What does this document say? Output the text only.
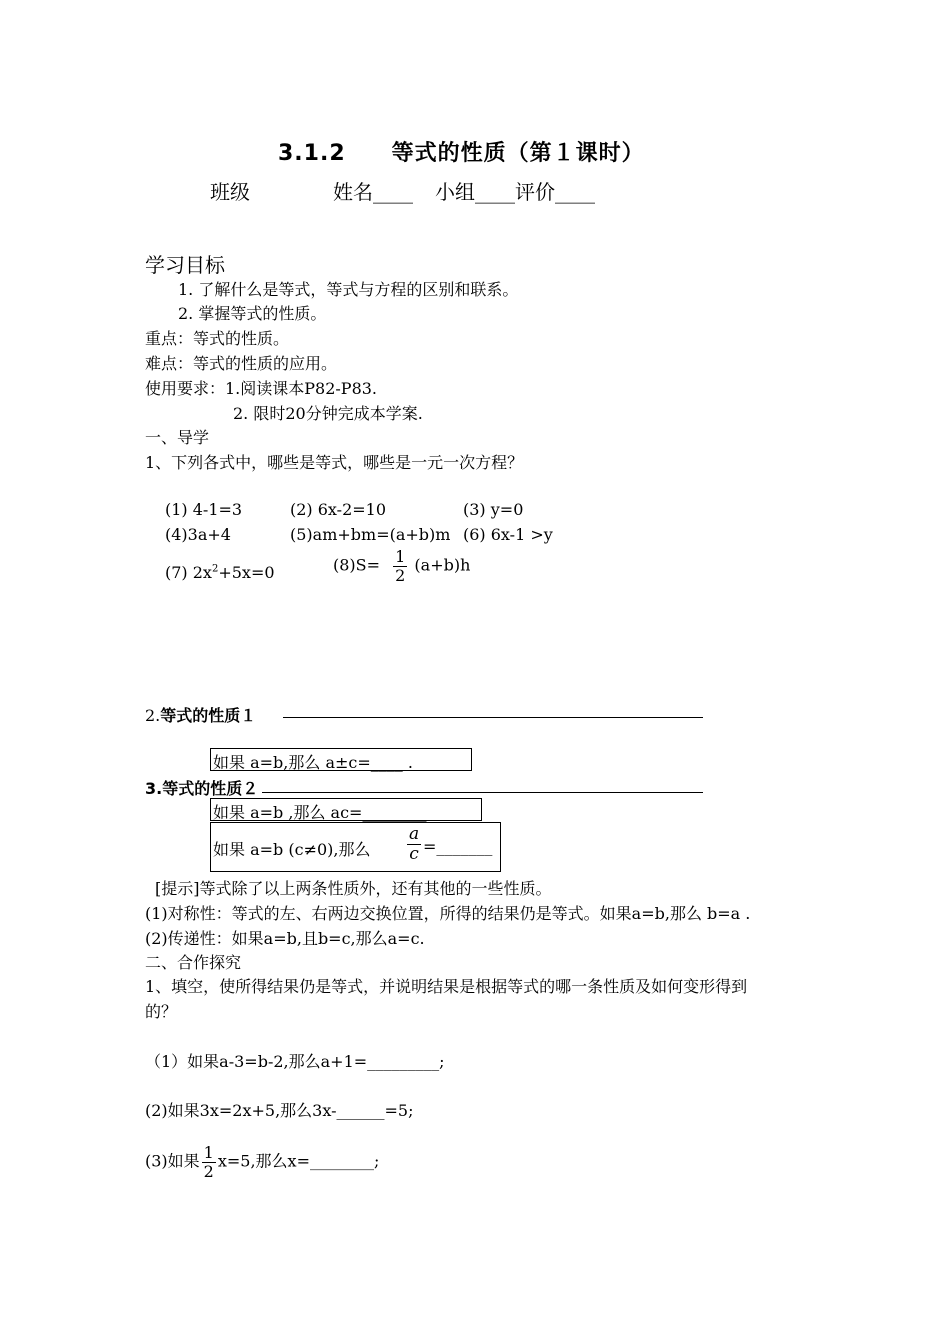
3.1.2　　等式的性质（第１课时）
班级	姓名____ 小组____评价____
学习目标
1. 了解什么是等式，等式与方程的区别和联系。
2. 掌握等式的性质。
重点：等式的性质。
难点：等式的性质的应用。
使用要求：1.阅读课本P82-P83.
2. 限时20分钟完成本学案.
一、导学
1、下列各式中，哪些是等式，哪些是一元一次方程？
(1) 4-1=3	(2) 6x-2=10	(3) y=0
(4)3a+4	(5)am+bm=(a+b)m (6) 6x-1 >y
(7) $2x^2+5x=0$	$(8)S= \frac{1}{2} (a+b)h$
2.等式的性质１
如果 a=b,那么 a±c=____ .
3.等式的性质２
如果 a=b ,那么 ac=________
如果 a=b (c≠0),那么 $\frac{a}{c}$ =_______
[提示]等式除了以上两条性质外，还有其他的一些性质。
(1)对称性：等式的左、右两边交换位置，所得的结果仍是等式。如果a=b,那么 b=a .
(2)传递性：如果a=b,且b=c,那么a=c.
二、合作探究
1、填空，使所得结果仍是等式，并说明结果是根据等式的哪一条性质及如何变形得到
的？
（1）如果a-3=b-2,那么a+1=_________;
(2)如果3x=2x+5,那么3x-______=5;
(3)如果 $\frac{1}{2} x=5$,那么x=________;
